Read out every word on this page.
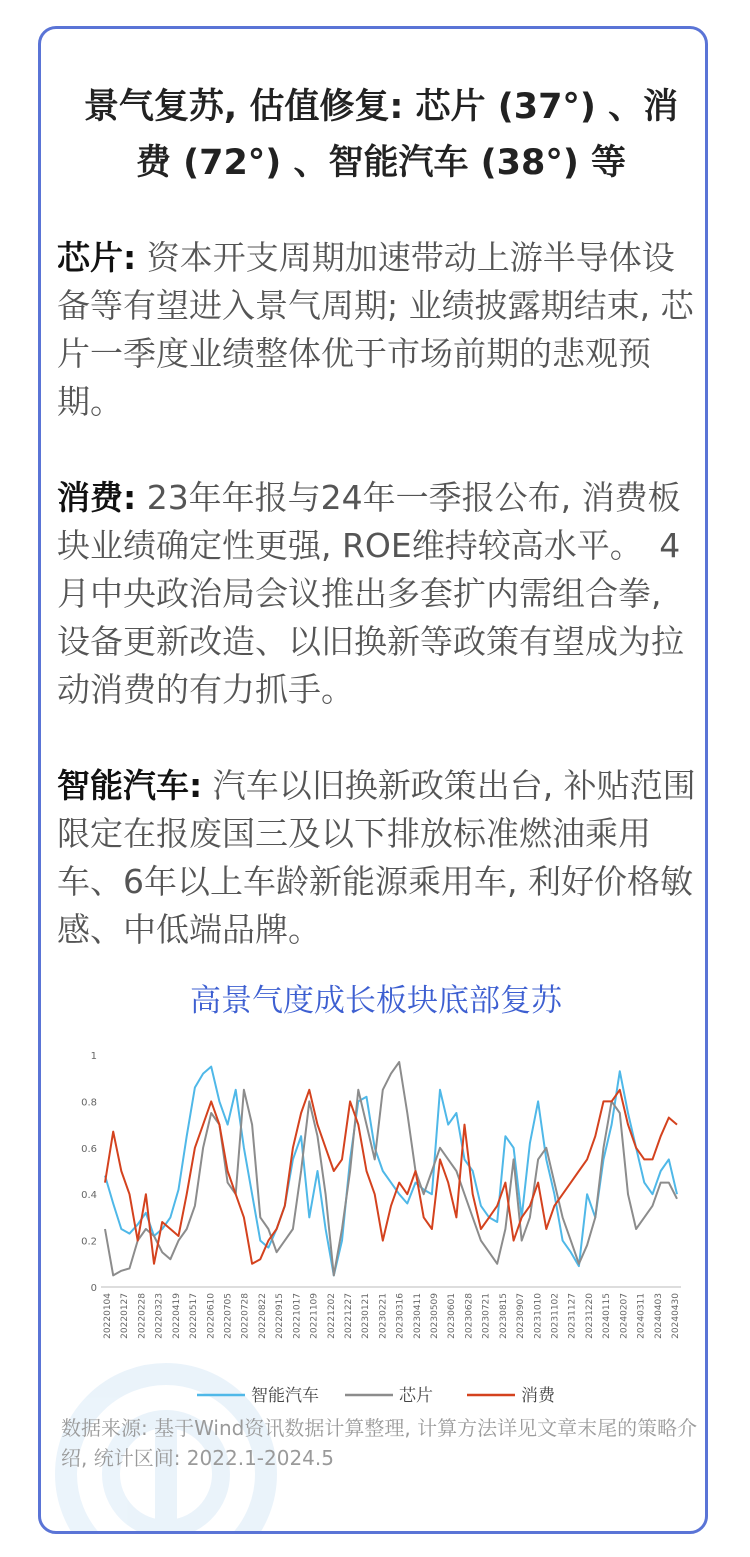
景气复苏, 估值修复: 芯片 (37°) 、消费 (72°) 、智能汽车 (38°) 等
芯片: 资本开支周期加速带动上游半导体设备等有望进入景气周期; 业绩披露期结束, 芯片一季度业绩整体优于市场前期的悲观预期。
消费: 23年年报与24年一季报公布, 消费板块业绩确定性更强, ROE维持较高水平。　4月中央政治局会议推出多套扩内需组合拳, 设备更新改造、以旧换新等政策有望成为拉动消费的有力抓手。
智能汽车: 汽车以旧换新政策出台, 补贴范围限定在报废国三及以下排放标准燃油乘用车、6年以上车龄新能源乘用车, 利好价格敏感、中低端品牌。
高景气度成长板块底部复苏
0
0.2
0.4
0.6
0.8
1
20220104 20220127 20220228 20220323 20220419 20220517 20220610 20220705 20220728 20220822 20220915 20221017 20221109 20221202 20221227 20230121 20230221 20230316 20230411 20230509 20230601 20230628 20230721 20230815 20230907 20231010 20231102 20231127 20231220 20240115 20240207 20240311 20240403 20240430
智能汽车	芯片	消费
数据来源: 基于Wind资讯数据计算整理, 计算方法详见文章末尾的策略介绍, 统计区间: 2022.1-2024.5
